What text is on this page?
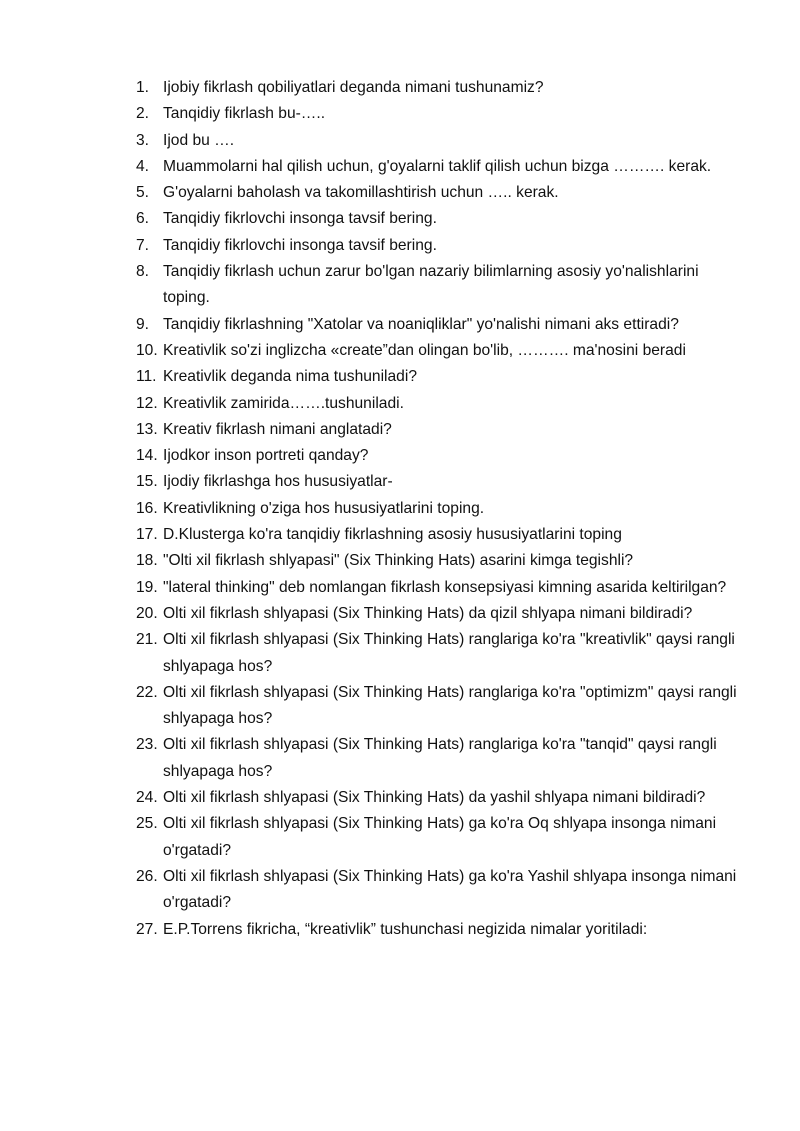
1. Ijobiy fikrlash qobiliyatlari deganda nimani tushunamiz?
2. Tanqidiy fikrlash bu-…..
3. Ijod bu ….
4. Muammolarni hal qilish uchun, g'oyalarni taklif qilish uchun bizga ………. kerak.
5. G'oyalarni baholash va takomillashtirish uchun ….. kerak.
6. Tanqidiy fikrlovchi insonga tavsif bering.
7. Tanqidiy fikrlovchi insonga tavsif bering.
8. Tanqidiy fikrlash uchun zarur bo'lgan nazariy bilimlarning asosiy yo'nalishlarini toping.
9. Tanqidiy fikrlashning "Xatolar va noaniqliklar" yo'nalishi nimani aks ettiradi?
10. Kreativlik so'zi inglizcha «create”dan olingan bo'lib, ………. ma'nosini beradi
11. Kreativlik deganda nima tushuniladi?
12. Kreativlik zamirida…….tushuniladi.
13. Kreativ fikrlash nimani anglatadi?
14. Ijodkor inson portreti qanday?
15. Ijodiy fikrlashga hos hususiyatlar-
16. Kreativlikning o'ziga hos hususiyatlarini toping.
17. D.Klusterga ko'ra tanqidiy fikrlashning asosiy hususiyatlarini toping
18. "Olti xil fikrlash shlyapasi" (Six Thinking Hats) asarini kimga tegishli?
19. "lateral thinking" deb nomlangan fikrlash konsepsiyasi kimning asarida keltirilgan?
20. Olti xil fikrlash shlyapasi (Six Thinking Hats) da qizil shlyapa nimani bildiradi?
21. Olti xil fikrlash shlyapasi (Six Thinking Hats) ranglariga ko'ra "kreativlik" qaysi rangli shlyapaga hos?
22. Olti xil fikrlash shlyapasi (Six Thinking Hats) ranglariga ko'ra "optimizm" qaysi rangli shlyapaga hos?
23. Olti xil fikrlash shlyapasi (Six Thinking Hats) ranglariga ko'ra "tanqid" qaysi rangli shlyapaga hos?
24. Olti xil fikrlash shlyapasi (Six Thinking Hats) da yashil shlyapa nimani bildiradi?
25. Olti xil fikrlash shlyapasi (Six Thinking Hats) ga ko'ra Oq shlyapa insonga nimani o'rgatadi?
26. Olti xil fikrlash shlyapasi (Six Thinking Hats) ga ko'ra Yashil shlyapa insonga nimani o'rgatadi?
27. E.P.Torrens fikricha, “kreativlik” tushunchasi negizida nimalar yoritiladi:
